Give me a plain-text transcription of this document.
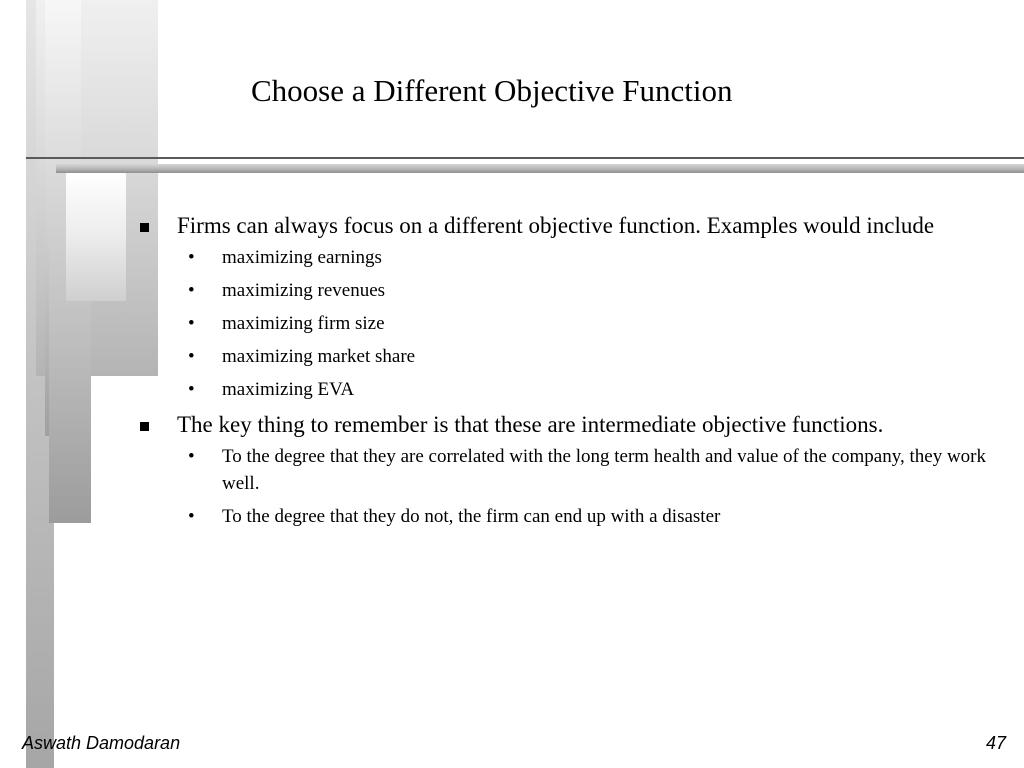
Choose a Different Objective Function
Firms can always focus on a different objective function. Examples would include
• maximizing earnings
• maximizing revenues
• maximizing firm size
• maximizing market share
• maximizing EVA
The key thing to remember is that these are intermediate objective functions.
• To the degree that they are correlated with the long term health and value of the company, they work well.
• To the degree that they do not, the firm can end up with a disaster
Aswath Damodaran	47
